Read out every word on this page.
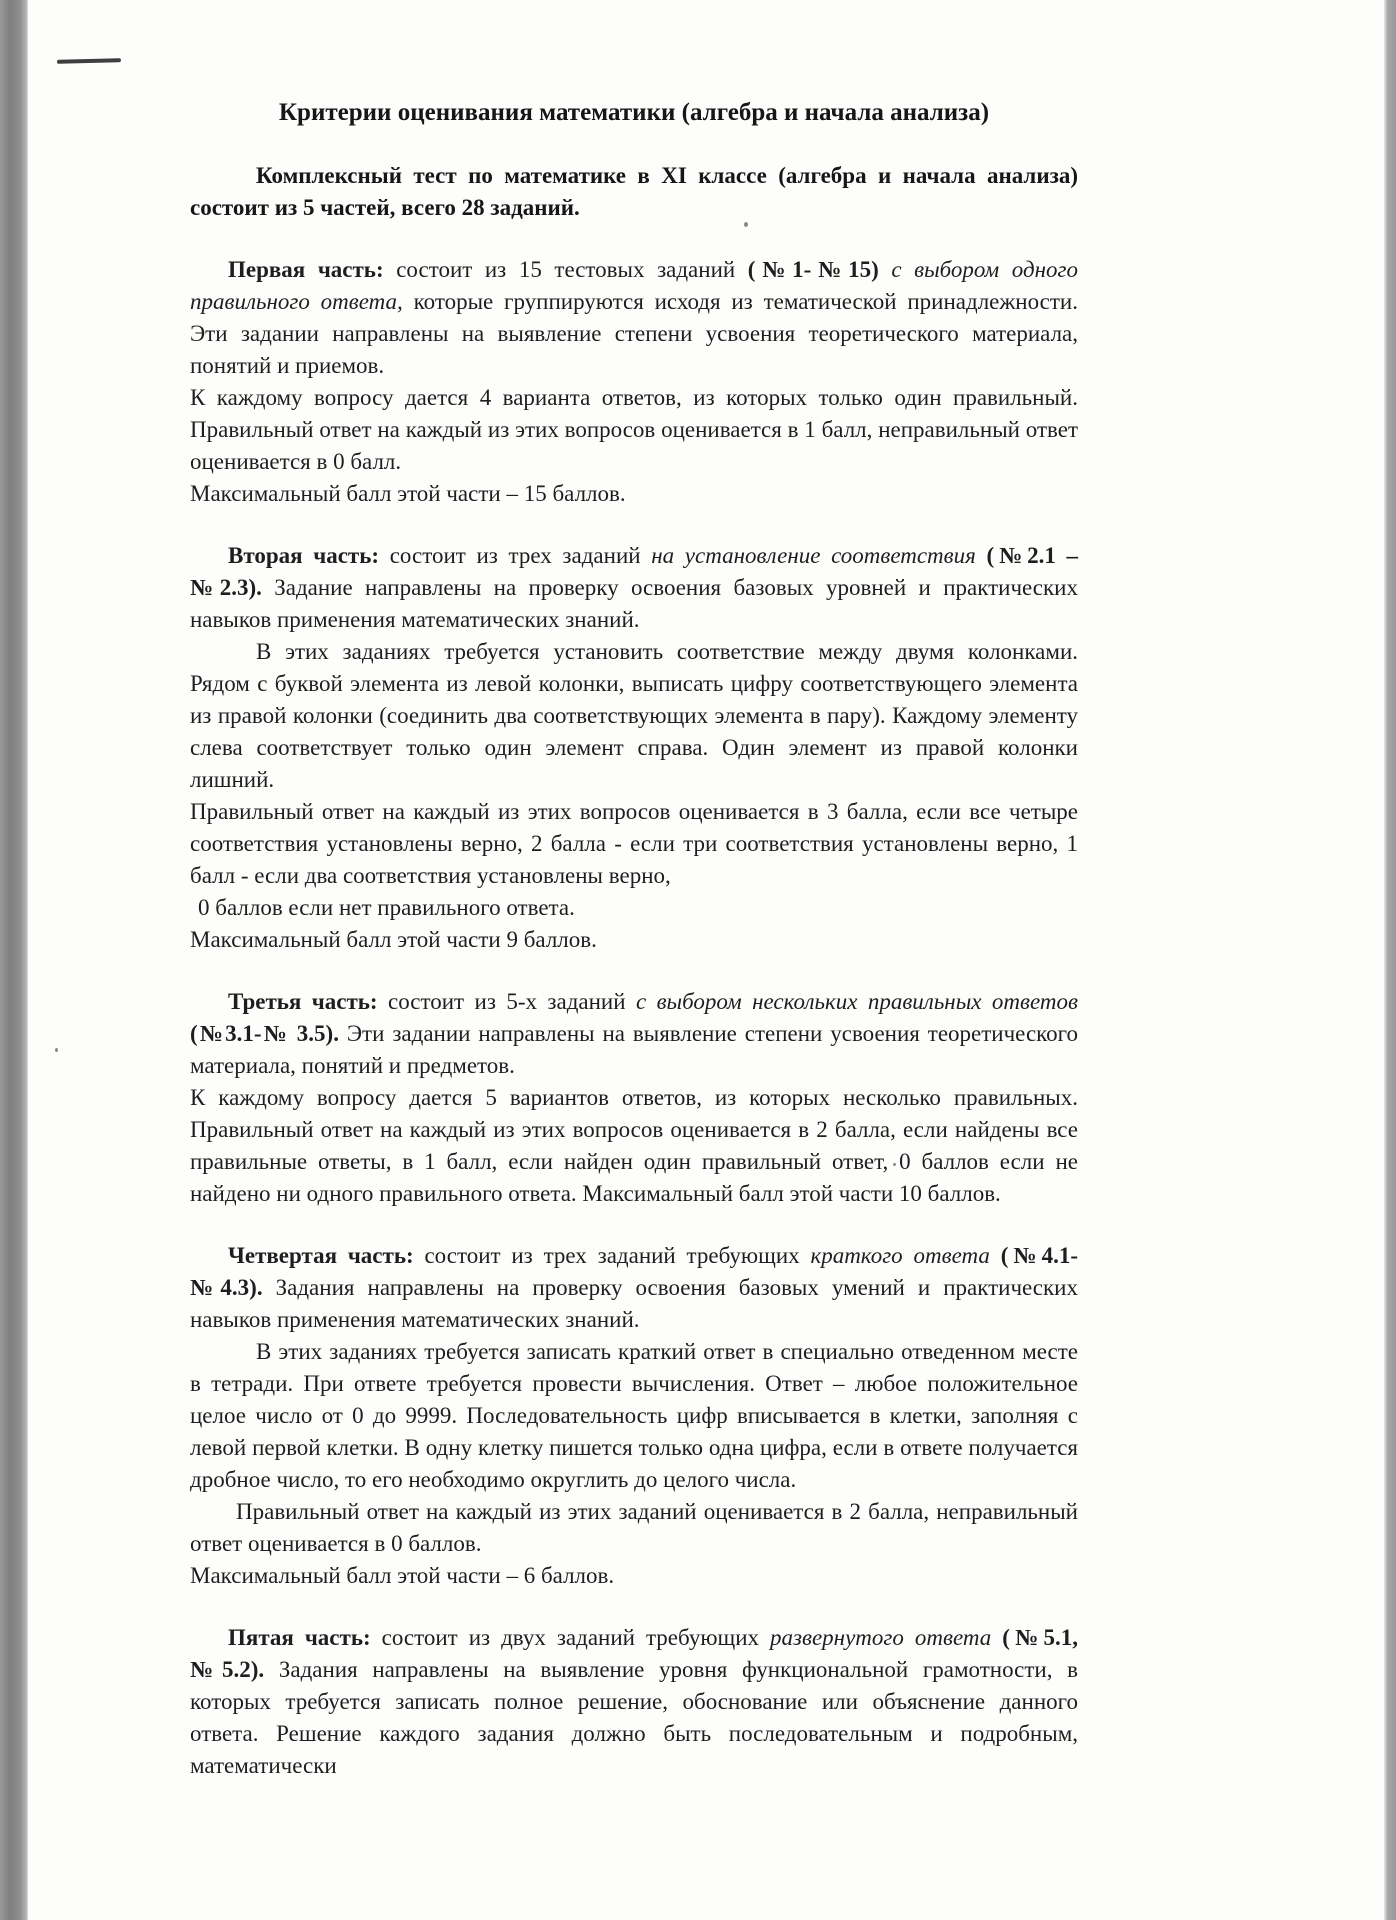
Критерии оценивания математики (алгебра и начала анализа)

Комплексный тест по математике в XI классе (алгебра и начала анализа) состоит из 5 частей, всего 28 заданий.

Первая часть: состоит из 15 тестовых заданий (№1-№15) с выбором одного правильного ответа, которые группируются исходя из тематической принадлежности. Эти задании направлены на выявление степени усвоения теоретического материала, понятий и приемов.

К каждому вопросу дается 4 варианта ответов, из которых только один правильный. Правильный ответ на каждый из этих вопросов оценивается в 1 балл, неправильный ответ оценивается в 0 балл.

Максимальный балл этой части – 15 баллов.

Вторая часть: состоит из трех заданий на установление соответствия (№2.1 – №2.3). Задание направлены на проверку освоения базовых уровней и практических навыков применения математических знаний.

В этих заданиях требуется установить соответствие между двумя колонками. Рядом с буквой элемента из левой колонки, выписать цифру соответствующего элемента из правой колонки (соединить два соответствующих элемента в пару). Каждому элементу слева соответствует только один элемент справа. Один элемент из правой колонки лишний.

Правильный ответ на каждый из этих вопросов оценивается в 3 балла, если все четыре соответствия установлены верно, 2 балла - если три соответствия установлены верно, 1 балл - если два соответствия установлены верно,

0 баллов если нет правильного ответа.

Максимальный балл этой части 9 баллов.

Третья часть: состоит из 5-х заданий с выбором нескольких правильных ответов (№3.1-№ 3.5). Эти задании направлены на выявление степени усвоения теоретического материала, понятий и предметов.

К каждому вопросу дается 5 вариантов ответов, из которых несколько правильных. Правильный ответ на каждый из этих вопросов оценивается в 2 балла, если найдены все правильные ответы, в 1 балл, если найден один правильный ответ, 0 баллов если не найдено ни одного правильного ответа. Максимальный балл этой части 10 баллов.

Четвертая часть: состоит из трех заданий требующих краткого ответа (№4.1- №4.3). Задания направлены на проверку освоения базовых умений и практических навыков применения математических знаний.

В этих заданиях требуется записать краткий ответ в специально отведенном месте в тетради. При ответе требуется провести вычисления. Ответ – любое положительное целое число от 0 до 9999. Последовательность цифр вписывается в клетки, заполняя с левой первой клетки. В одну клетку пишется только одна цифра, если в ответе получается дробное число, то его необходимо округлить до целого числа.

Правильный ответ на каждый из этих заданий оценивается в 2 балла, неправильный ответ оценивается в 0 баллов.

Максимальный балл этой части – 6 баллов.

Пятая часть: состоит из двух заданий требующих развернутого ответа (№5.1, №5.2). Задания направлены на выявление уровня функциональной грамотности, в которых требуется записать полное решение, обоснование или объяснение данного ответа. Решение каждого задания должно быть последовательным и подробным, математически
